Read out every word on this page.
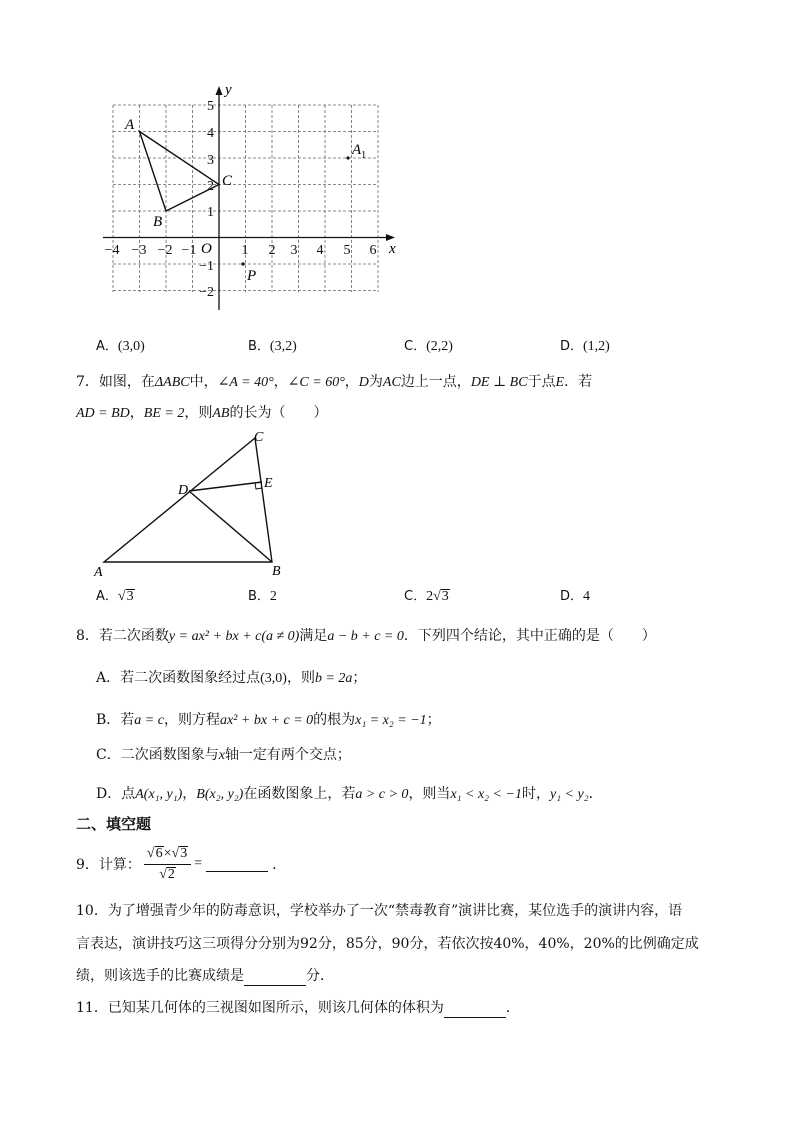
x
y
O
−4 −3 −2 −1	1 2 3 4 5 6
5
4
3
2
1
−1
−2
A
B
C
$A_1$
P
A．(3,0)	B．(3,2)	C．(2,2)	D．(1,2)
7．如图，在ΔABC中，∠A = 40°，∠C = 60°，D为AC边上一点，DE ⊥ BC于点E．若
AD = BD，BE = 2，则AB的长为（　　）
A	B
C
D	E
A．√3	B．2	C．2√3	D．4
8．若二次函数y = ax² + bx + c(a ≠ 0)满足a − b + c = 0．下列四个结论，其中正确的是（　　）
A．若二次函数图象经过点(3,0)，则b = 2a；
B．若a = c，则方程ax² + bx + c = 0的根为x₁ = x₂ = −1；
C．二次函数图象与x轴一定有两个交点；
D．点A(x₁, y₁)，B(x₂, y₂)在函数图象上，若a > c > 0，则当x₁ < x₂ < −1时，y₁ < y₂．
二、填空题
9． 计算： $\frac{√6\times√3}{√2}$ =	．
10．为了增强青少年的防毒意识，学校举办了一次“禁毒教育”演讲比赛，某位选手的演讲内容，语
言表达，演讲技巧这三项得分分别为92分，85分，90分，若依次按40%，40%，20%的比例确定成
绩，则该选手的比赛成绩是	分．
11．已知某几何体的三视图如图所示，则该几何体的体积为	．
